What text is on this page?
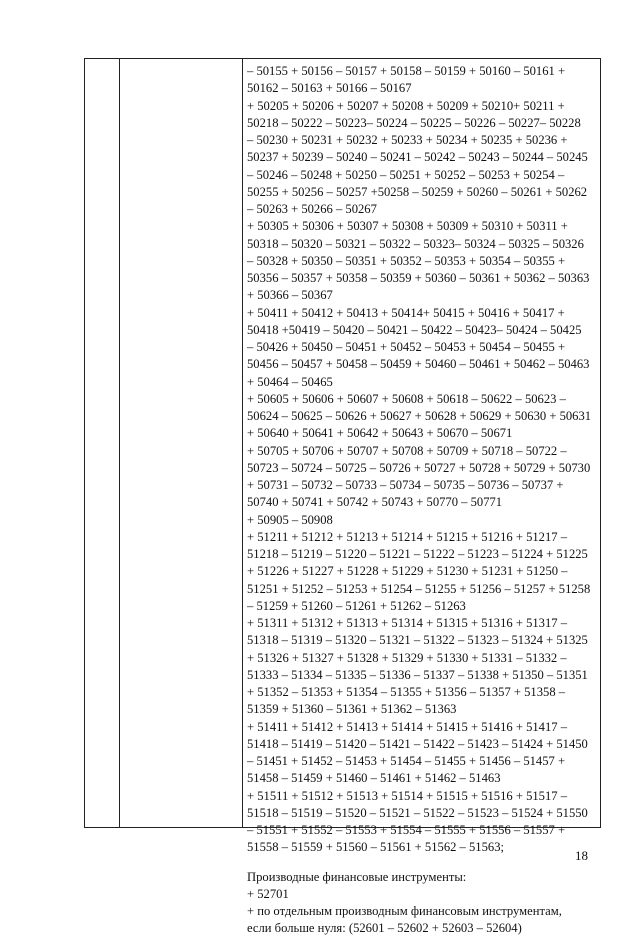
– 50155 + 50156 – 50157 + 50158 – 50159 + 50160 – 50161 +
50162 – 50163 + 50166 – 50167
+ 50205 + 50206 + 50207 + 50208 + 50209 + 50210+ 50211 +
50218 – 50222 – 50223– 50224 – 50225 – 50226 – 50227– 50228
– 50230 + 50231 + 50232 + 50233 + 50234 + 50235 + 50236 +
50237 + 50239 – 50240 – 50241 – 50242 – 50243 – 50244 – 50245
– 50246 – 50248 + 50250 – 50251 + 50252 – 50253 + 50254 –
50255 + 50256 – 50257 +50258 – 50259 + 50260 – 50261 + 50262
– 50263 + 50266 – 50267
+ 50305 + 50306 + 50307 + 50308 + 50309 + 50310 + 50311 +
50318 – 50320 – 50321 – 50322 – 50323– 50324 – 50325 – 50326
– 50328 + 50350 – 50351 + 50352 – 50353 + 50354 – 50355 +
50356 – 50357 + 50358 – 50359 + 50360 – 50361 + 50362 – 50363
+ 50366 – 50367
+ 50411 + 50412 + 50413 + 50414+ 50415 + 50416 + 50417 +
50418 +50419 – 50420 – 50421 – 50422 – 50423– 50424 – 50425
– 50426 + 50450 – 50451 + 50452 – 50453 + 50454 – 50455 +
50456 – 50457 + 50458 – 50459 + 50460 – 50461 + 50462 – 50463
+ 50464 – 50465
+ 50605 + 50606 + 50607 + 50608 + 50618 – 50622 – 50623 –
50624 – 50625 – 50626 + 50627 + 50628 + 50629 + 50630 + 50631
+ 50640 + 50641 + 50642 + 50643 + 50670 – 50671
+ 50705 + 50706 + 50707 + 50708 + 50709 + 50718 – 50722 –
50723 – 50724 – 50725 – 50726 + 50727 + 50728 + 50729 + 50730
+ 50731 – 50732 – 50733 – 50734 – 50735 – 50736 – 50737 +
50740 + 50741 + 50742 + 50743 + 50770 – 50771
+ 50905 – 50908
+ 51211 + 51212 + 51213 + 51214 + 51215 + 51216 + 51217 –
51218 – 51219 – 51220 – 51221 – 51222 – 51223 – 51224 + 51225
+ 51226 + 51227 + 51228 + 51229 + 51230 + 51231 + 51250 –
51251 + 51252 – 51253 + 51254 – 51255 + 51256 – 51257 + 51258
– 51259 + 51260 – 51261 + 51262 – 51263
+ 51311 + 51312 + 51313 + 51314 + 51315 + 51316 + 51317 –
51318 – 51319 – 51320 – 51321 – 51322 – 51323 – 51324 + 51325
+ 51326 + 51327 + 51328 + 51329 + 51330 + 51331 – 51332 –
51333 – 51334 – 51335 – 51336 – 51337 – 51338 + 51350 – 51351
+ 51352 – 51353 + 51354 – 51355 + 51356 – 51357 + 51358 –
51359 + 51360 – 51361 + 51362 – 51363
+ 51411 + 51412 + 51413 + 51414 + 51415 + 51416 + 51417 –
51418 – 51419 – 51420 – 51421 – 51422 – 51423 – 51424 + 51450
– 51451 + 51452 – 51453 + 51454 – 51455 + 51456 – 51457 +
51458 – 51459 + 51460 – 51461 + 51462 – 51463
+ 51511 + 51512 + 51513 + 51514 + 51515 + 51516 + 51517 –
51518 – 51519 – 51520 – 51521 – 51522 – 51523 – 51524 + 51550
– 51551 + 51552 – 51553 + 51554 – 51555 + 51556 – 51557 +
51558 – 51559 + 51560 – 51561 + 51562 – 51563;
Производные финансовые инструменты:
+ 52701
+ по отдельным производным финансовым инструментам,
если больше нуля: (52601 – 52602 + 52603 – 52604)
18
